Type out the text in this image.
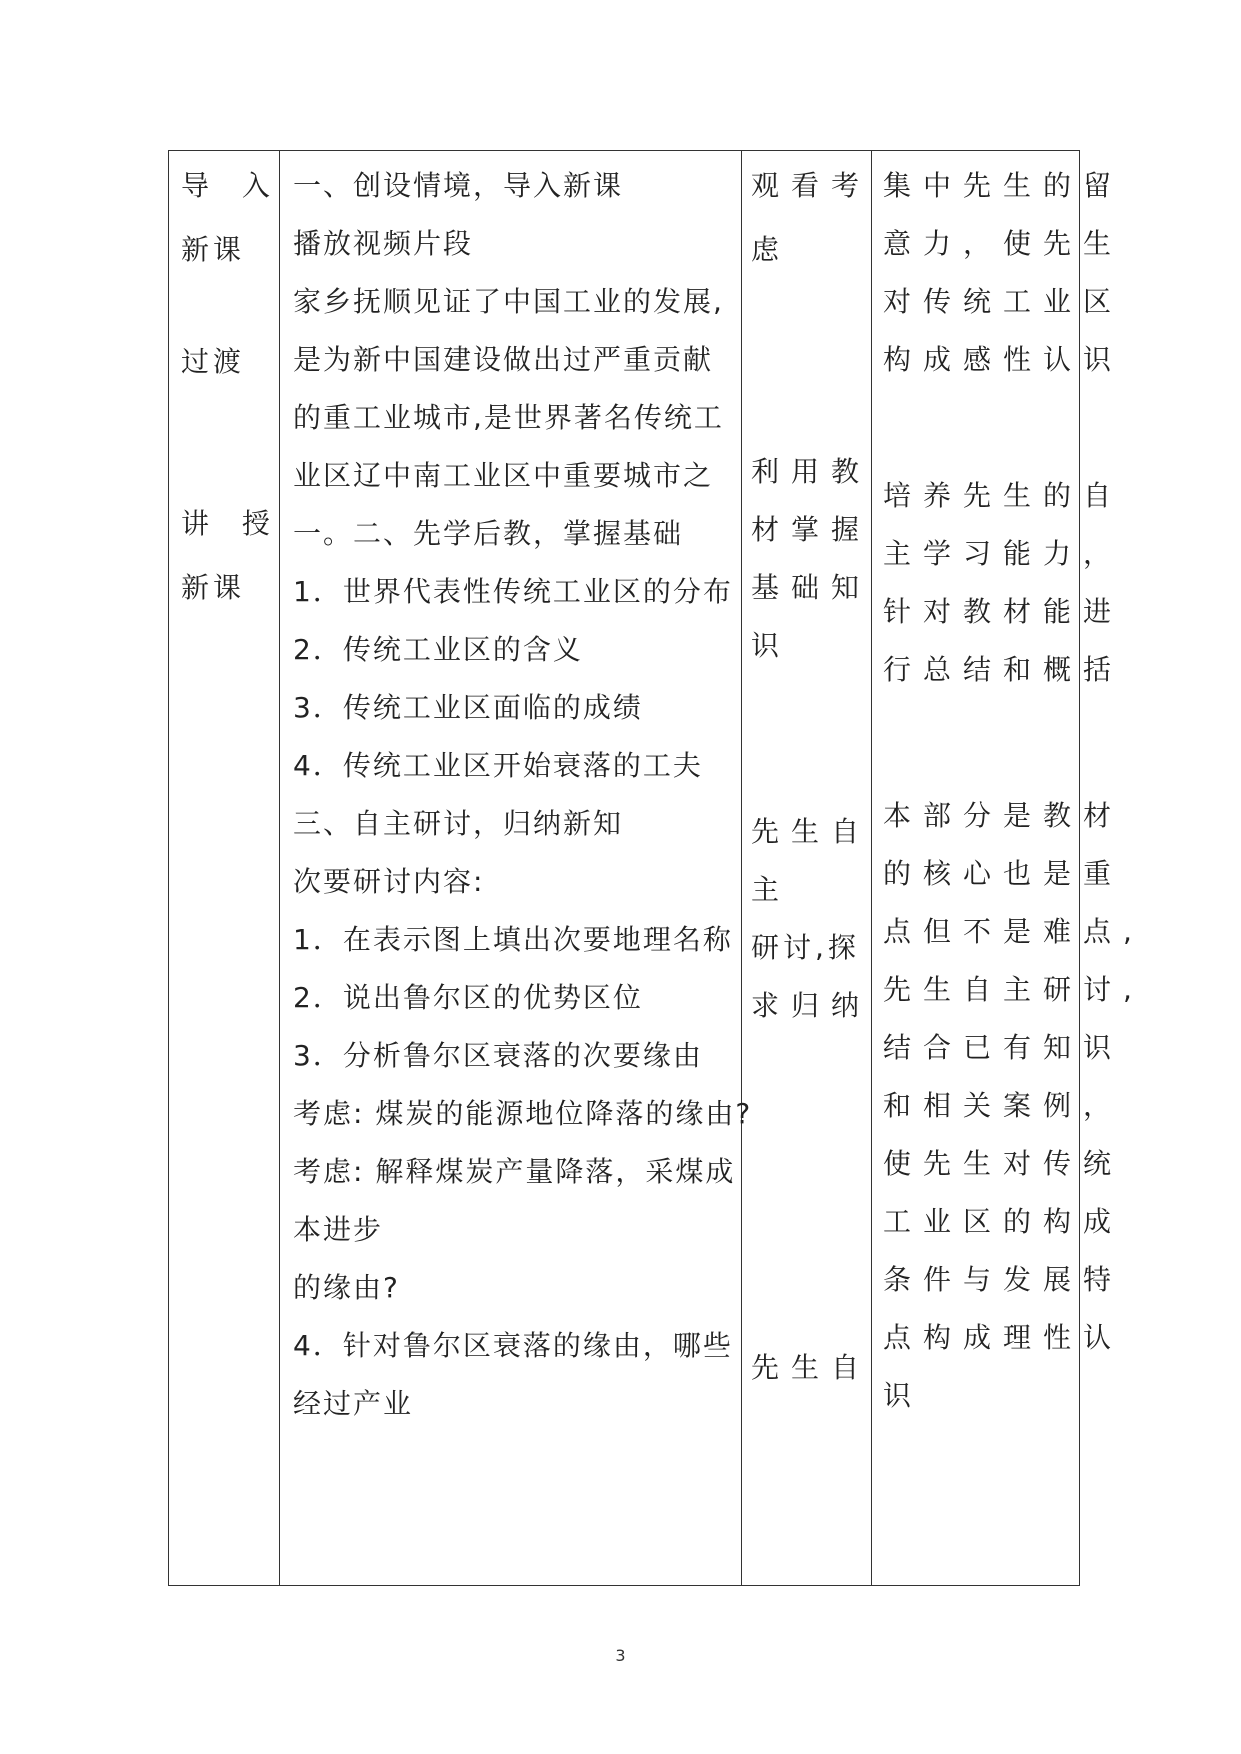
导 入
新课
过渡
讲 授
新课
一、创设情境，导入新课
播放视频片段
家乡抚顺见证了中国工业的发展,
是为新中国建设做出过严重贡献
的重工业城市,是世界著名传统工
业区辽中南工业区中重要城市之
一。二、先学后教，掌握基础
1．世界代表性传统工业区的分布
2．传统工业区的含义
3．传统工业区面临的成绩
4．传统工业区开始衰落的工夫
三、自主研讨，归纳新知
次要研讨内容:
1．在表示图上填出次要地理名称
2．说出鲁尔区的优势区位
3．分析鲁尔区衰落的次要缘由
考虑: 煤炭的能源地位降落的缘由?
考虑: 解释煤炭产量降落，采煤成
本进步
的缘由?
4．针对鲁尔区衰落的缘由，哪些
经过产业
观看考
虑
利用教
材掌握
基础知
识
先生自
主
研讨,探
求归纳
先生自
集中先生的留
意力，使先生
对传统工业区
构成感性认识
培养先生的自
主学习能力，
针对教材能进
行总结和概括
本部分是教材
的核心也是重
点但不是难点,
先生自主研讨,
结合已有知识
和相关案例，
使先生对传统
工业区的构成
条件与发展特
点构成理性认
识
3
